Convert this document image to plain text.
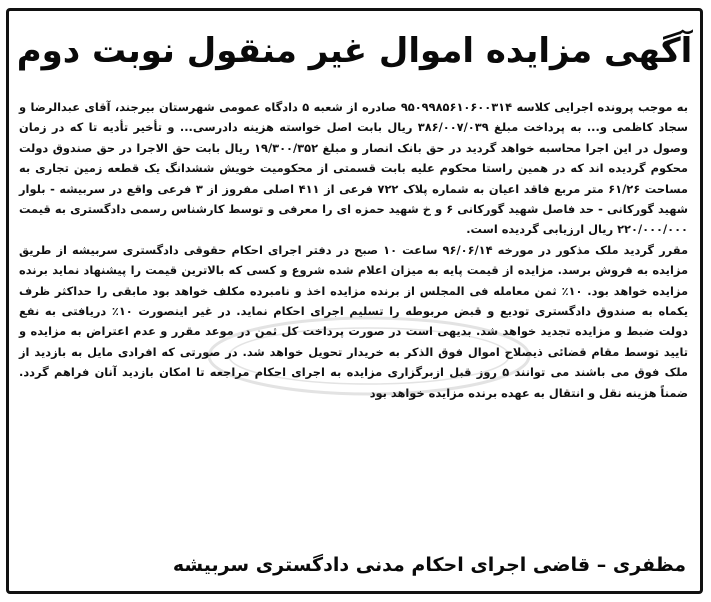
آگهی مزایده اموال غیر منقول نوبت دوم

به موجب پرونده اجرایی کلاسه ۹۵۰۹۹۸۵۶۱۰۶۰۰۳۱۴ صادره از شعبه ۵ دادگاه عمومی شهرستان بیرجند، آقای عبدالرضا و سجاد کاظمی و... به پرداخت مبلغ ۳۸۶/۰۰۷/۰۳۹ ریال بابت اصل خواسته هزینه دادرسی... و تأخیر تأدیه تا که در زمان وصول در این اجرا محاسبه خواهد گردید در حق بانک انصار و مبلغ ۱۹/۳۰۰/۳۵۲ ریال بابت حق الاجرا در حق صندوق دولت محکوم گردیده اند که در همین راستا محکوم علیه بابت قسمتی از محکومیت خویش ششدانگ یک قطعه زمین تجاری به مساحت ۶۱/۲۶ متر مربع فاقد اعیان به شماره پلاک ۷۲۲ فرعی از ۴۱۱ اصلی مفروز از ۳ فرعی واقع در سربیشه - بلوار شهید گورکانی - حد فاصل شهید گورکانی ۶ و خ شهید حمزه ای را معرفی و توسط کارشناس رسمی دادگستری به قیمت ۲۲۰/۰۰۰/۰۰۰ ریال ارزیابی گردیده است.

مقرر گردید ملک مذکور در مورخه ۹۶/۰۶/۱۴ ساعت ۱۰ صبح در دفتر اجرای احکام حقوقی دادگستری سربیشه از طریق مزایده به فروش برسد. مزایده از قیمت پایه به میزان اعلام شده شروع و کسی که بالاترین قیمت را پیشنهاد نماید برنده مزایده خواهد بود. ۱۰٪ ثمن معامله فی المجلس از برنده مزایده اخذ و نامبرده مکلف خواهد بود مابقی را حداکثر ظرف یکماه به صندوق دادگستری تودیع و قبض مربوطه را تسلیم اجرای احکام نماید. در غیر اینصورت ۱۰٪ دریافتی به نفع دولت ضبط و مزایده تجدید خواهد شد. بدیهی است در صورت پرداخت کل ثمن در موعد مقرر و عدم اعتراض به مزایده و تایید توسط مقام قضائی ذیصلاح اموال فوق الذکر به خریدار تحویل خواهد شد. در صورتی که افرادی مایل به بازدید از ملک فوق می باشند می توانند ۵ روز قبل ازبرگزاری مزایده به اجرای احکام مراجعه تا امکان بازدید آنان فراهم گردد. ضمناً هزینه نقل و انتقال به عهده برنده مزایده خواهد بود

مظفری – قاضی اجرای احکام مدنی دادگستری سربیشه
